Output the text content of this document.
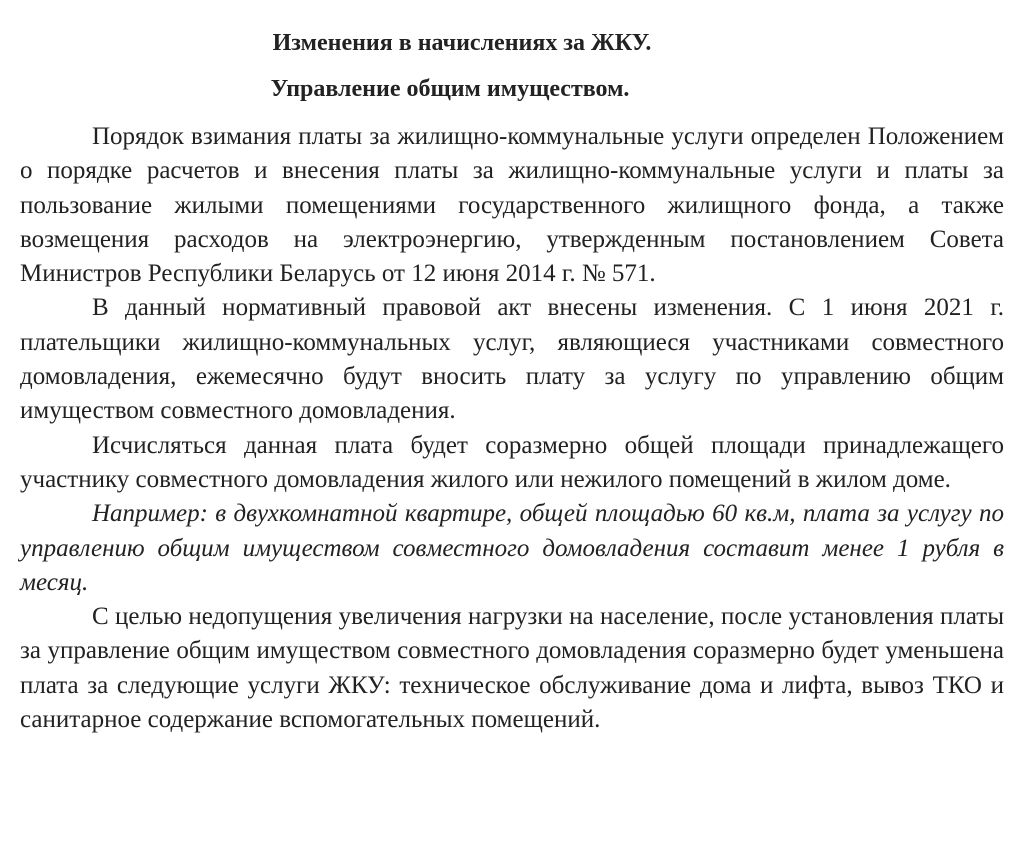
Изменения в начислениях за ЖКУ.
Управление общим имуществом.

Порядок взимания платы за жилищно-коммунальные услуги определен Положением о порядке расчетов и внесения платы за жилищно-коммунальные услуги и платы за пользование жилыми помещениями государственного жилищного фонда, а также возмещения расходов на электроэнергию, утвержденным постановлением Совета Министров Республики Беларусь от 12 июня 2014 г. № 571.

В данный нормативный правовой акт внесены изменения. С 1 июня 2021 г. плательщики жилищно-коммунальных услуг, являющиеся участниками совместного домовладения, ежемесячно будут вносить плату за услугу по управлению общим имуществом совместного домовладения.

Исчисляться данная плата будет соразмерно общей площади принадлежащего участнику совместного домовладения жилого или нежилого помещений в жилом доме.

Например: в двухкомнатной квартире, общей площадью 60 кв.м, плата за услугу по управлению общим имуществом совместного домовладения составит менее 1 рубля в месяц.

С целью недопущения увеличения нагрузки на население, после установления платы за управление общим имуществом совместного домовладения соразмерно будет уменьшена плата за следующие услуги ЖКУ: техническое обслуживание дома и лифта, вывоз ТКО и санитарное содержание вспомогательных помещений.
